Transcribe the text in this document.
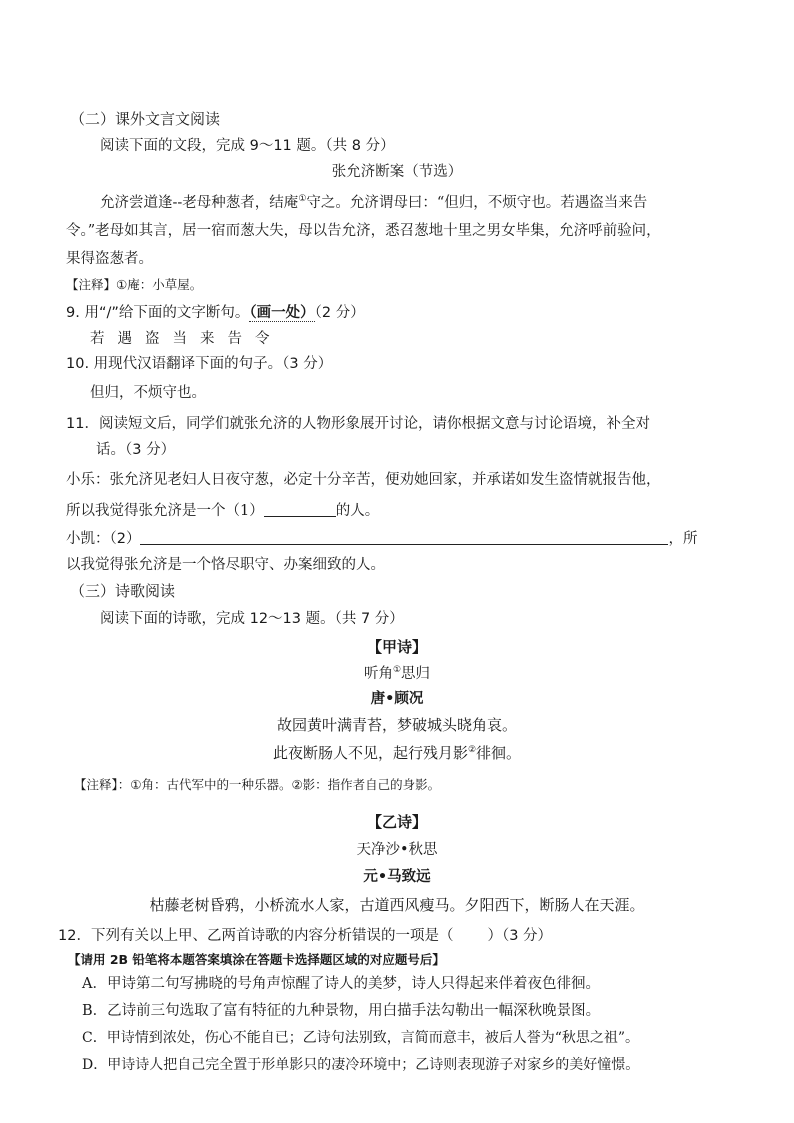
（二）课外文言文阅读
阅读下面的文段，完成 9～11 题。（共 8 分）
张允济断案（节选）
允济尝道逢--老母种葱者，结庵①守之。允济谓母曰：“但归，不烦守也。若遇盗当来告
令。”老母如其言，居一宿而葱大失，母以告允济，悉召葱地十里之男女毕集，允济呼前验问，
果得盗葱者。
【注释】①庵：小草屋。
9. 用“/”给下面的文字断句。（画一处）（2 分）
若遇盗当来告令
10. 用现代汉语翻译下面的句子。（3 分）
但归，不烦守也。
11．阅读短文后，同学们就张允济的人物形象展开讨论，请你根据文意与讨论语境，补全对
话。（3 分）
小乐：张允济见老妇人日夜守葱，必定十分辛苦，便劝她回家，并承诺如发生盗情就报告他，
所以我觉得张允济是一个（1）	的人。
小凯：（2）	，所
以我觉得张允济是一个恪尽职守、办案细致的人。
（三）诗歌阅读
阅读下面的诗歌，完成 12～13 题。（共 7 分）
【甲诗】
听角①思归
唐•顾况
故园黄叶满青苔，梦破城头晓角哀。
此夜断肠人不见，起行残月影②徘徊。
【注释】：①角：古代军中的一种乐器。②影：指作者自己的身影。
【乙诗】
天净沙•秋思
元•马致远
枯藤老树昏鸦，小桥流水人家，古道西风瘦马。夕阳西下，断肠人在天涯。
12．下列有关以上甲、乙两首诗歌的内容分析错误的一项是（ ）（3 分）
【请用 2B 铅笔将本题答案填涂在答题卡选择题区域的对应题号后】
A．甲诗第二句写拂晓的号角声惊醒了诗人的美梦，诗人只得起来伴着夜色徘徊。
B．乙诗前三句选取了富有特征的九种景物，用白描手法勾勒出一幅深秋晚景图。
C．甲诗情到浓处，伤心不能自已；乙诗句法别致，言简而意丰，被后人誉为“秋思之祖”。
D．甲诗诗人把自己完全置于形单影只的凄冷环境中；乙诗则表现游子对家乡的美好憧憬。
